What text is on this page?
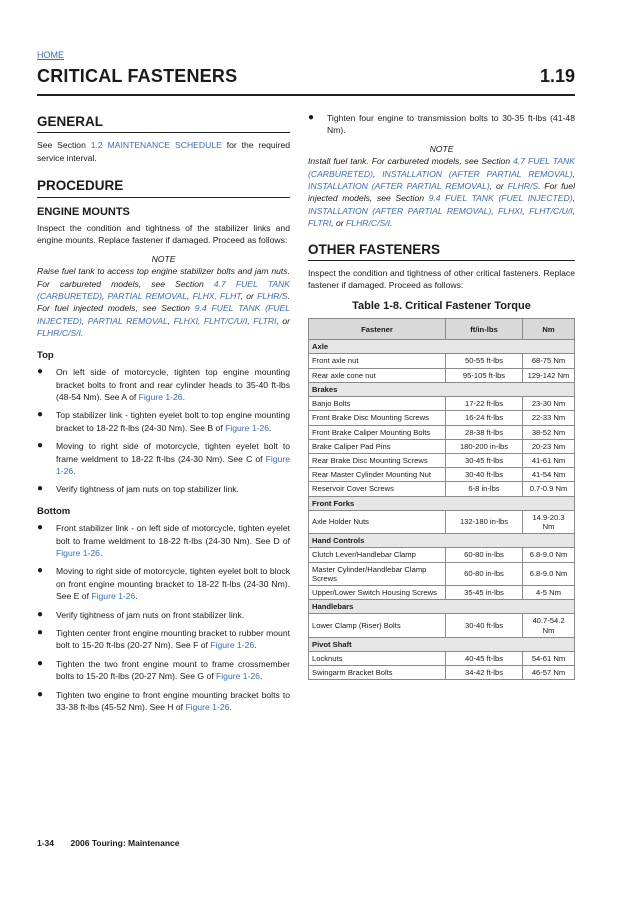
HOME
CRITICAL FASTENERS	1.19
GENERAL

See Section 1.2 MAINTENANCE SCHEDULE for the required service interval.

PROCEDURE
ENGINE MOUNTS

Inspect the condition and tightness of the stabilizer links and engine mounts. Replace fastener if damaged. Proceed as follows:

NOTE
Raise fuel tank to access top engine stabilizer bolts and jam nuts. For carbureted models, see Section 4.7 FUEL TANK (CARBURETED), PARTIAL REMOVAL, FLHX, FLHT, or FLHR/S. For fuel injected models, see Section 9.4 FUEL TANK (FUEL INJECTED), PARTIAL REMOVAL, FLHXI, FLHT/C/U/I, FLTRI, or FLHR/C/S/I.
Top
● On left side of motorcycle, tighten top engine mounting bracket bolts to front and rear cylinder heads to 35-40 ft-lbs (48-54 Nm). See A of Figure 1-26.
● Top stabilizer link - tighten eyelet bolt to top engine mounting bracket to 18-22 ft-lbs (24-30 Nm). See B of Figure 1-26.
● Moving to right side of motorcycle, tighten eyelet bolt to frame weldment to 18-22 ft-lbs (24-30 Nm). See C of Figure 1-26.
● Verify tightness of jam nuts on top stabilizer link.
Bottom
● Front stabilizer link - on left side of motorcycle, tighten eyelet bolt to frame weldment to 18-22 ft-lbs (24-30 Nm). See D of Figure 1-26.
● Moving to right side of motorcycle, tighten eyelet bolt to block on front engine mounting bracket to 18-22 ft-lbs (24-30 Nm). See E of Figure 1-26.
● Verify tightness of jam nuts on front stabilizer link.
● Tighten center front engine mounting bracket to rubber mount bolt to 15-20 ft-lbs (20-27 Nm). See F of Figure 1-26.
● Tighten the two front engine mount to frame crossmember bolts to 15-20 ft-lbs (20-27 Nm). See G of Figure 1-26.
● Tighten two engine to front engine mounting bracket bolts to 33-38 ft-lbs (45-52 Nm). See H of Figure 1-26.
● Tighten four engine to transmission bolts to 30-35 ft-lbs (41-48 Nm).
NOTE
Install fuel tank. For carbureted models, see Section 4.7 FUEL TANK (CARBURETED), INSTALLATION (AFTER PARTIAL REMOVAL), INSTALLATION (AFTER PARTIAL REMOVAL), or FLHR/S. For fuel injected models, see Section 9.4 FUEL TANK (FUEL INJECTED), INSTALLATION (AFTER PARTIAL REMOVAL), FLHXI, FLHT/C/U/I, FLTRI, or FLHR/C/S/I.
OTHER FASTENERS

Inspect the condition and tightness of other critical fasteners. Replace fastener if damaged. Proceed as follows:

Table 1-8. Critical Fastener Torque
Fastener	ft/in-lbs	Nm
Axle		
Front axle nut	50-55 ft-lbs	68-75 Nm
Rear axle cone nut	95-105 ft-lbs	129-142 Nm
Brakes		
Banjo Bolts	17-22 ft-lbs	23-30 Nm
Front Brake Disc Mounting Screws	16-24 ft-lbs	22-33 Nm
Front Brake Caliper Mounting Bolts	28-38 ft-lbs	38-52 Nm
Brake Caliper Pad Pins	180-200 in-lbs	20-23 Nm
Rear Brake Disc Mounting Screws	30-45 ft-lbs	41-61 Nm
Rear Master Cylinder Mounting Nut	30-40 ft-lbs	41-54 Nm
Reservoir Cover Screws	6-8 in-lbs	0.7-0.9 Nm
Front Forks		
Axle Holder Nuts	132-180 in-lbs	14.9-20.3 Nm
Hand Controls		
Clutch Lever/Handlebar Clamp	60-80 in-lbs	6.8-9.0 Nm
Master Cylinder/Handlebar Clamp Screws	60-80 in-lbs	6.8-9.0 Nm
Upper/Lower Switch Housing Screws	35-45 in-lbs	4-5 Nm
Handlebars		
Lower Clamp (Riser) Bolts	30-40 ft-lbs	40.7-54.2 Nm
Pivot Shaft		
Locknuts	40-45 ft-lbs	54-61 Nm
Swingarm Bracket Bolts	34-42 ft-lbs	46-57 Nm
1-34 2006 Touring: Maintenance
